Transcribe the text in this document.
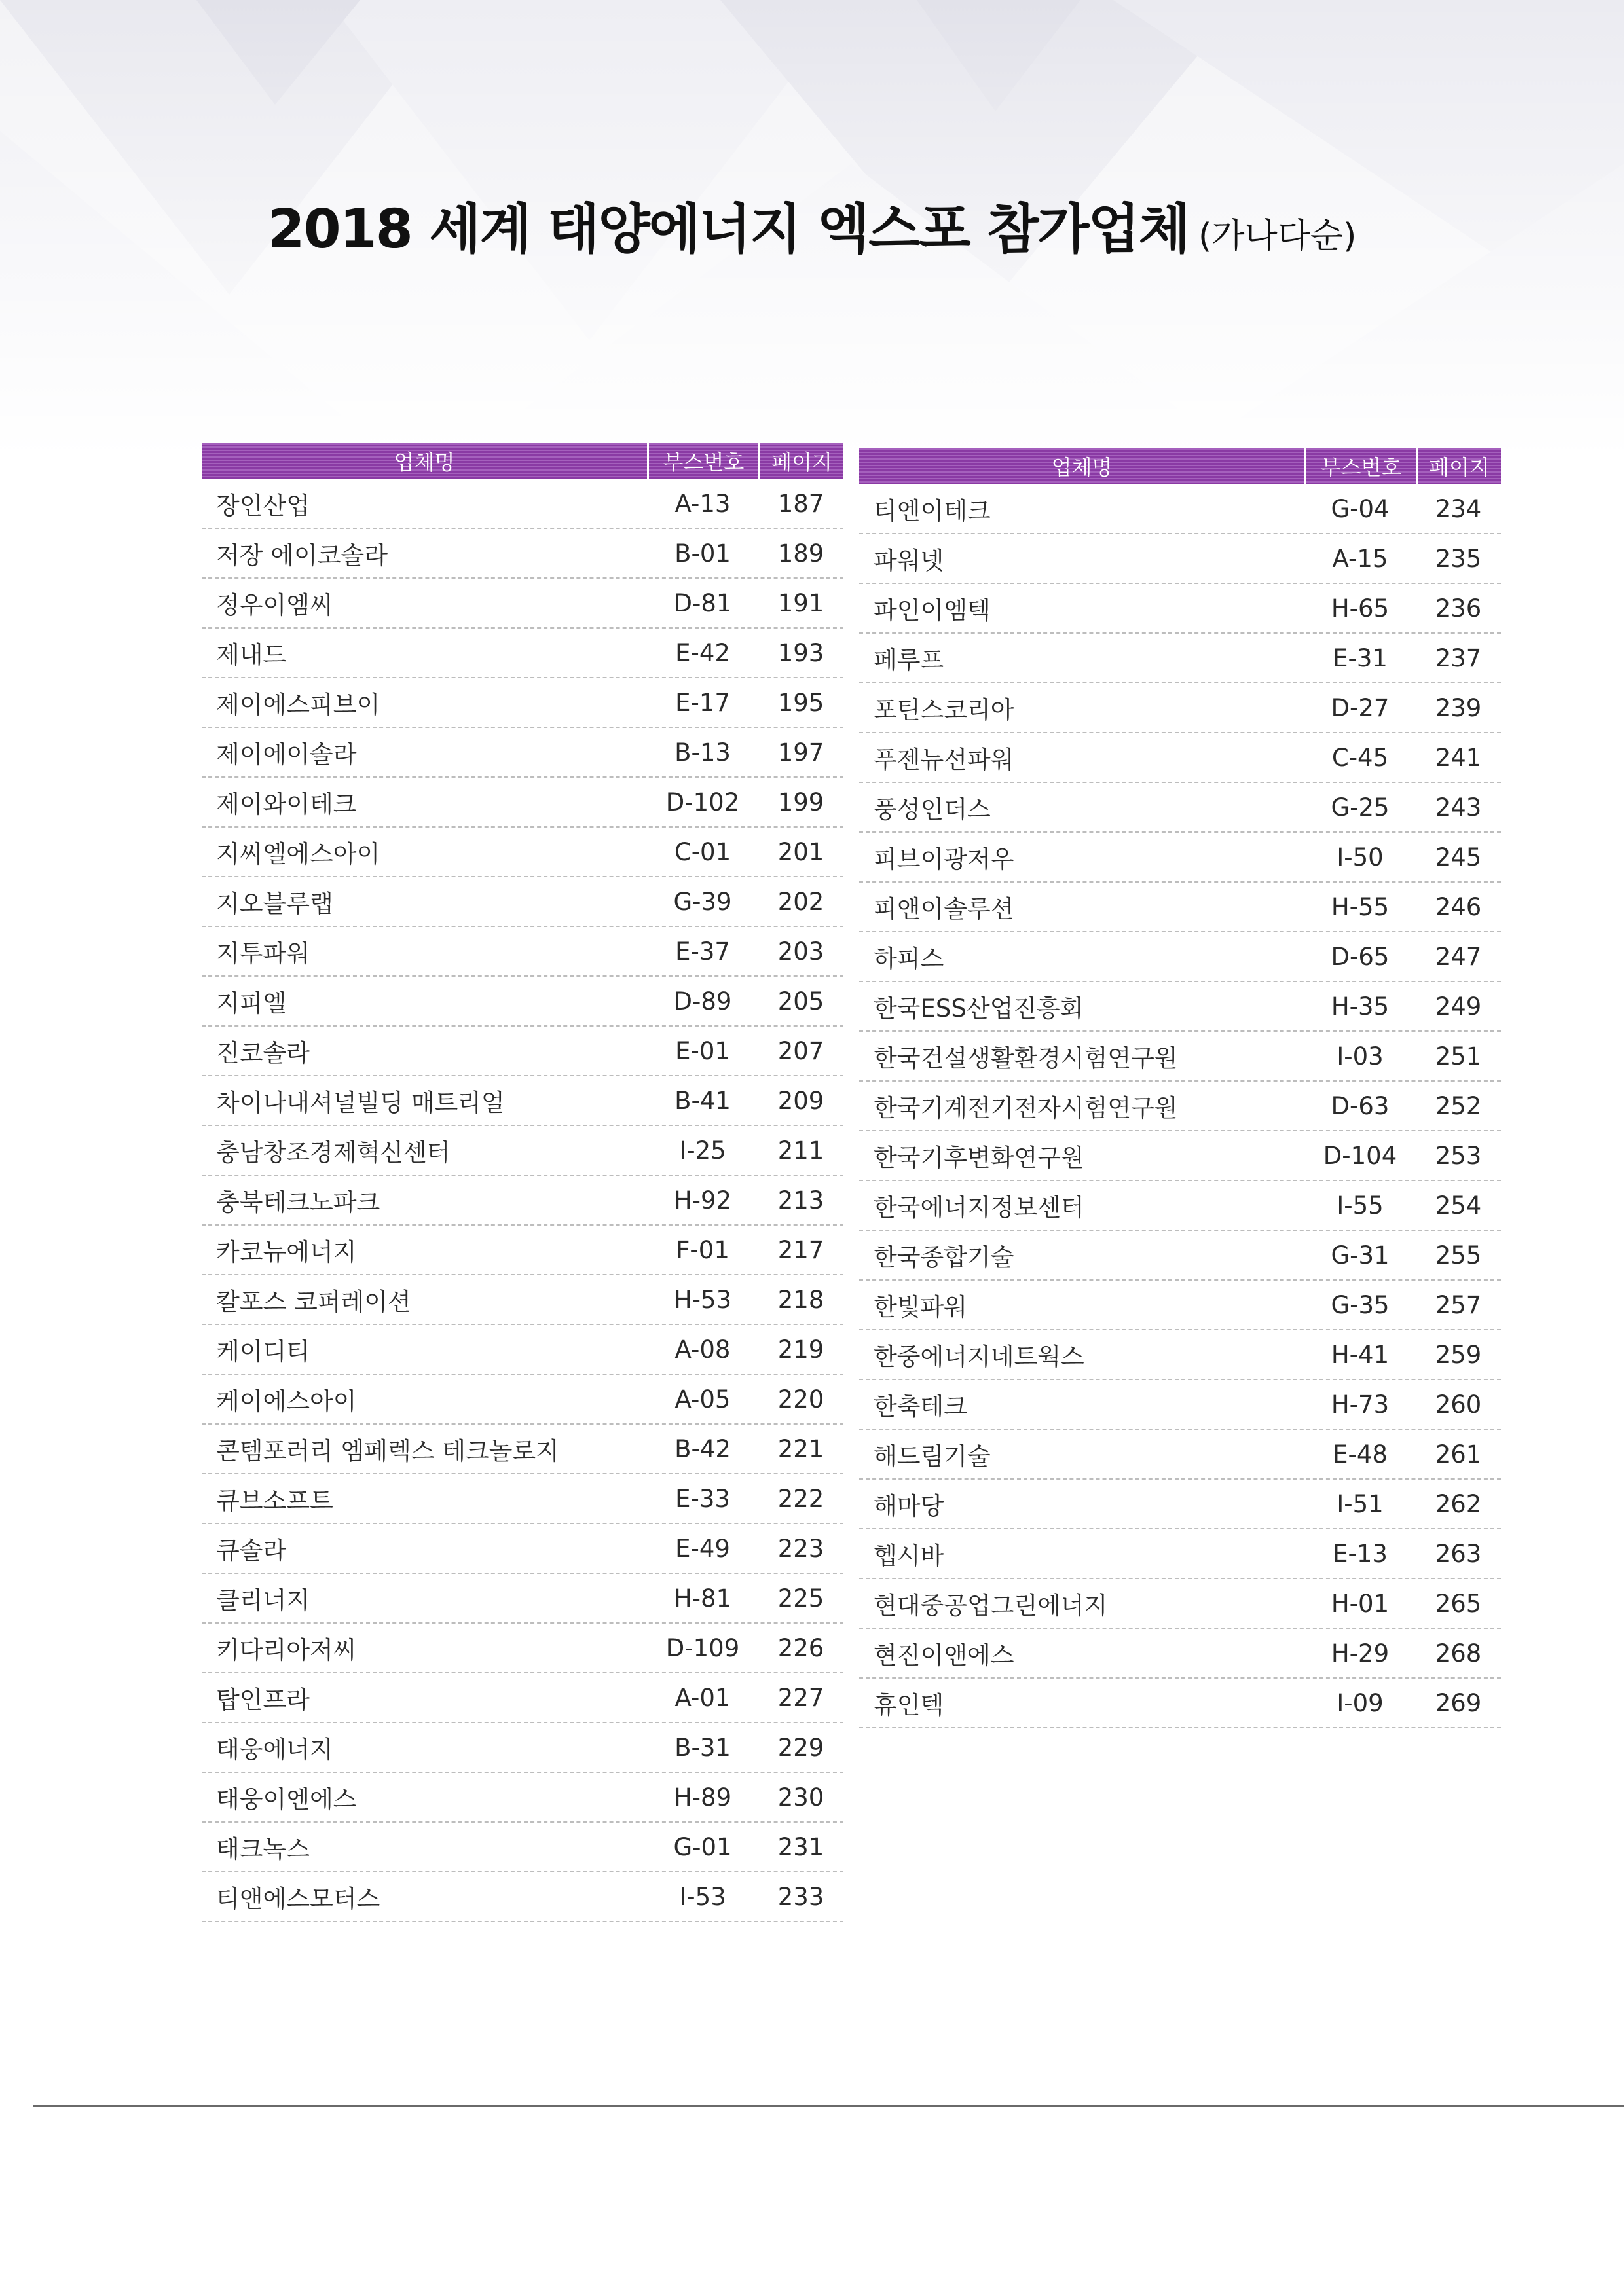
2018 세계 태양에너지 엑스포 참가업체 (가나다순)
업체명	부스번호	페이지
장인산업	A-13	187
저장 에이코솔라	B-01	189
정우이엠씨	D-81	191
제내드	E-42	193
제이에스피브이	E-17	195
제이에이솔라	B-13	197
제이와이테크	D-102	199
지씨엘에스아이	C-01	201
지오블루랩	G-39	202
지투파워	E-37	203
지피엘	D-89	205
진코솔라	E-01	207
차이나내셔널빌딩 매트리얼	B-41	209
충남창조경제혁신센터	I-25	211
충북테크노파크	H-92	213
카코뉴에너지	F-01	217
칼포스 코퍼레이션	H-53	218
케이디티	A-08	219
케이에스아이	A-05	220
콘템포러리 엠페렉스 테크놀로지	B-42	221
큐브소프트	E-33	222
큐솔라	E-49	223
클리너지	H-81	225
키다리아저씨	D-109	226
탑인프라	A-01	227
태웅에너지	B-31	229
태웅이엔에스	H-89	230
태크녹스	G-01	231
티앤에스모터스	I-53	233
업체명	부스번호	페이지
티엔이테크	G-04	234
파워넷	A-15	235
파인이엠텍	H-65	236
페루프	E-31	237
포틴스코리아	D-27	239
푸젠뉴선파워	C-45	241
풍성인더스	G-25	243
피브이광저우	I-50	245
피앤이솔루션	H-55	246
하피스	D-65	247
한국ESS산업진흥회	H-35	249
한국건설생활환경시험연구원	I-03	251
한국기계전기전자시험연구원	D-63	252
한국기후변화연구원	D-104	253
한국에너지정보센터	I-55	254
한국종합기술	G-31	255
한빛파워	G-35	257
한중에너지네트웍스	H-41	259
한축테크	H-73	260
해드림기술	E-48	261
해마당	I-51	262
헵시바	E-13	263
현대중공업그린에너지	H-01	265
현진이앤에스	H-29	268
휴인텍	I-09	269
